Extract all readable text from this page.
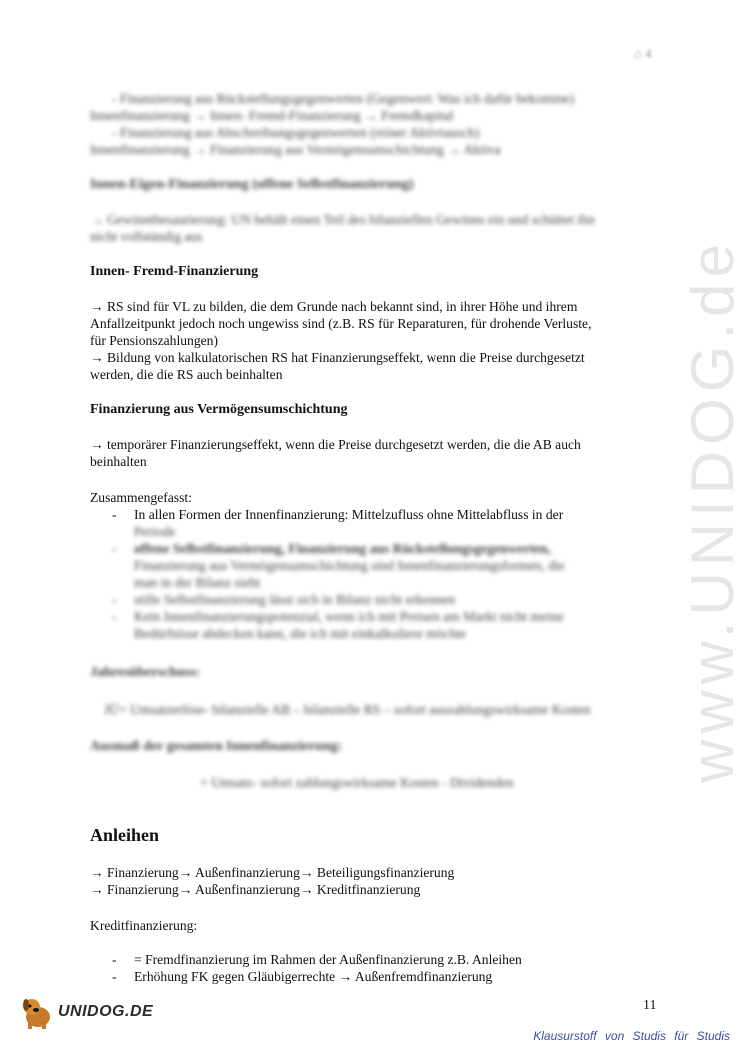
⌂ 4
www.UNIDOG.de

- Finanzierung aus Rückstellungsgegenwerten (Gegenwert: Was ich dafür bekomme)

Innenfinanzierung → Innen- Fremd-Finanzierung → Fremdkapital

- Finanzierung aus Abschreibungsgegenwerten (reiner Aktivtausch)

Innenfinanzierung → Finanzierung aus Vermögensumschichtung → Aktiva

Innen-Eigen-Finanzierung (offene Selbstfinanzierung)

→ Gewinnthesaurierung: UN behält einen Teil des bilanziellen Gewinns ein und schüttet ihn

nicht vollständig aus

Innen- Fremd-Finanzierung

→ RS sind für VL zu bilden, die dem Grunde nach bekannt sind, in ihrer Höhe und ihrem

Anfallzeitpunkt jedoch noch ungewiss sind (z.B. RS für Reparaturen, für drohende Verluste,

für Pensionszahlungen)

→ Bildung von kalkulatorischen RS hat Finanzierungseffekt, wenn die Preise durchgesetzt

werden, die die RS auch beinhalten

Finanzierung aus Vermögensumschichtung

→ temporärer Finanzierungseffekt, wenn die Preise durchgesetzt werden, die die AB auch

beinhalten

Zusammengefasst:

- In allen Formen der Innenfinanzierung: Mittelzufluss ohne Mittelabfluss in der
Periode
- offene Selbstfinanzierung, Finanzierung aus Rückstellungsgegenwerten,
Finanzierung aus Vermögensumschichtung sind Innenfinanzierungsformen, die
man in der Bilanz sieht
- stille Selbstfinanzierung lässt sich in Bilanz nicht erkennen
- Kein Innenfinanzierungspotenzial, wenn ich mit Preisen am Markt nicht meine
Bedürfnisse abdecken kann, die ich mit einkalkuliere möchte

Jahresüberschuss:

JÜ= Umsatzerlöse- bilanzielle AB – bilanzielle RS – sofort auszahlungswirksame Kosten

Ausmaß der gesamten Innenfinanzierung:

= Umsatz- sofort zahlungswirksame Kosten - Dividenden

Anleihen

→ Finanzierung→ Außenfinanzierung→ Beteiligungsfinanzierung

→ Finanzierung→ Außenfinanzierung→ Kreditfinanzierung

Kreditfinanzierung:

- = Fremdfinanzierung im Rahmen der Außenfinanzierung z.B. Anleihen
- Erhöhung FK gegen Gläubigerrechte → Außenfremdfinanzierung
11
UNIDOG.DE
Klausurstoff von Studis für Studis
